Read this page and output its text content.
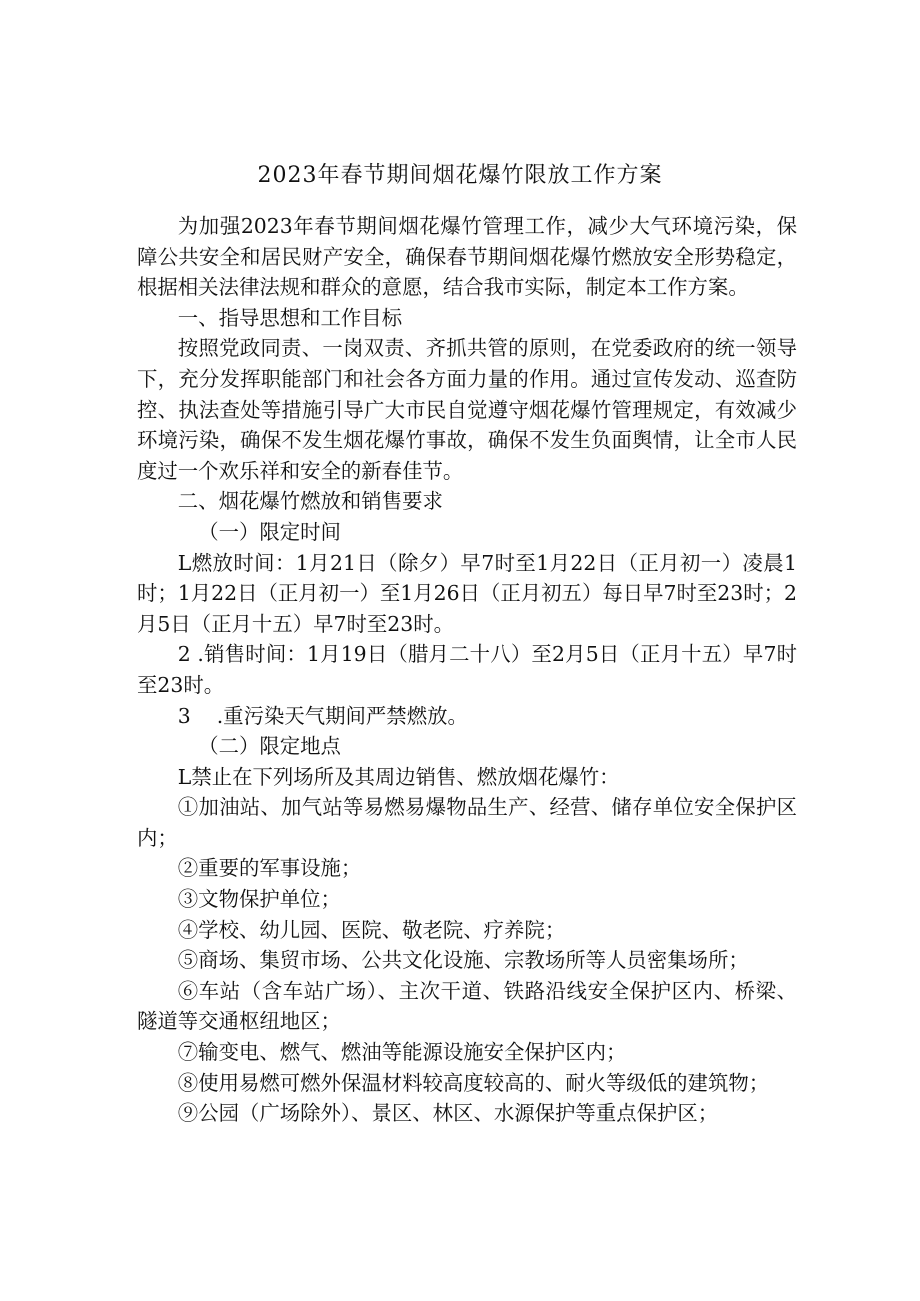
2023年春节期间烟花爆竹限放工作方案

为加强2023年春节期间烟花爆竹管理工作，减少大气环境污染，保障公共安全和居民财产安全，确保春节期间烟花爆竹燃放安全形势稳定，根据相关法律法规和群众的意愿，结合我市实际，制定本工作方案。

一、指导思想和工作目标

按照党政同责、一岗双责、齐抓共管的原则，在党委政府的统一领导下，充分发挥职能部门和社会各方面力量的作用。通过宣传发动、巡查防控、执法查处等措施引导广大市民自觉遵守烟花爆竹管理规定，有效减少环境污染，确保不发生烟花爆竹事故，确保不发生负面舆情，让全市人民度过一个欢乐祥和安全的新春佳节。

二、烟花爆竹燃放和销售要求

（一）限定时间

L燃放时间：1月21日（除夕）早7时至1月22日（正月初一）凌晨1时；1月22日（正月初一）至1月26日（正月初五）每日早7时至23时；2月5日（正月十五）早7时至23时。

2 .销售时间：1月19日（腊月二十八）至2月5日（正月十五）早7时至23时。

3    .重污染天气期间严禁燃放。

（二）限定地点

L禁止在下列场所及其周边销售、燃放烟花爆竹：

①加油站、加气站等易燃易爆物品生产、经营、储存单位安全保护区内；

②重要的军事设施；

③文物保护单位；

④学校、幼儿园、医院、敬老院、疗养院；

⑤商场、集贸市场、公共文化设施、宗教场所等人员密集场所；

⑥车站（含车站广场）、主次干道、铁路沿线安全保护区内、桥梁、隧道等交通枢纽地区；

⑦输变电、燃气、燃油等能源设施安全保护区内；

⑧使用易燃可燃外保温材料较高度较高的、耐火等级低的建筑物；

⑨公园（广场除外）、景区、林区、水源保护等重点保护区；
